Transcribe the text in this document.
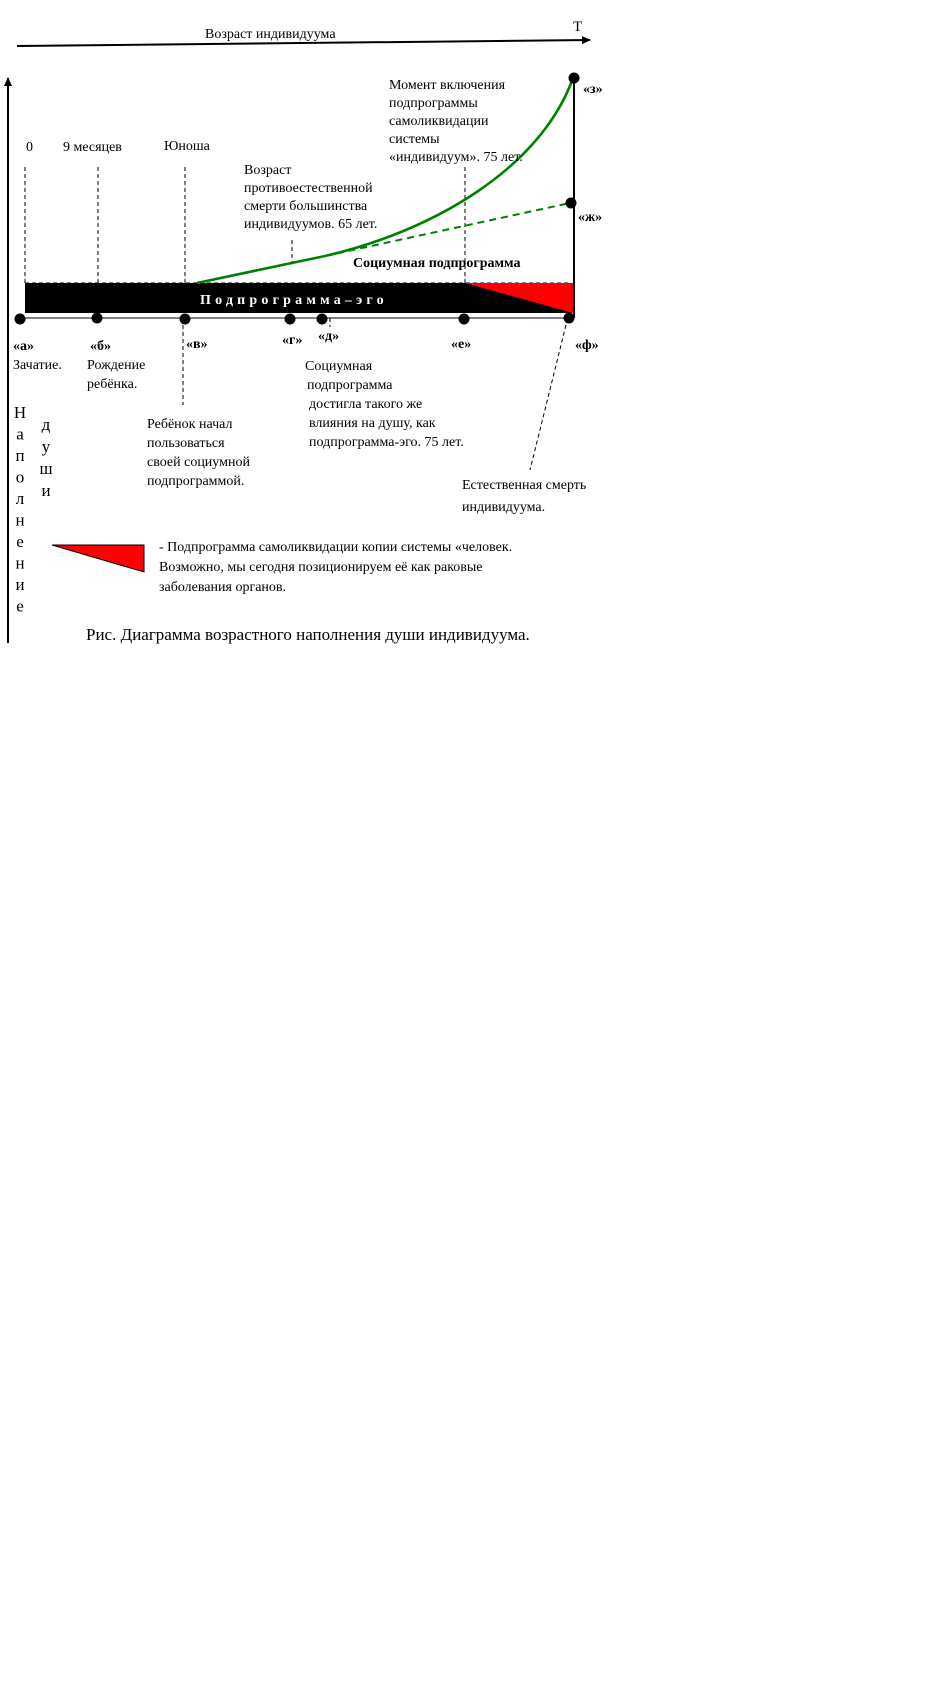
Возраст индивидуума	Т
Н
а
п
о
л
н
е
н
и
е
д
у
ш
и
0 9 месяцев	Юноша
Подпрограмма–эго
«а»	«б»	«в»	«г» «д»
«е»	«ф»
«з»
«ж»
Социумная подпрограмма
Момент включения
подпрограммы
самоликвидации
системы
«индивидуум». 75 лет.
Возраст
противоестественной
смерти большинства
индивидуумов. 65 лет.
Зачатие. Рождение
ребёнка.
Ребёнок начал
пользоваться
своей социумной
подпрограммой.
Социумная
подпрограмма
достигла такого же
влияния на душу, как
подпрограмма-эго. 75 лет.
Естественная смерть
индивидуума.
- Подпрограмма самоликвидации копии системы «человек.
Возможно, мы сегодня позиционируем её как раковые
заболевания органов.
Рис. Диаграмма возрастного наполнения души индивидуума.
